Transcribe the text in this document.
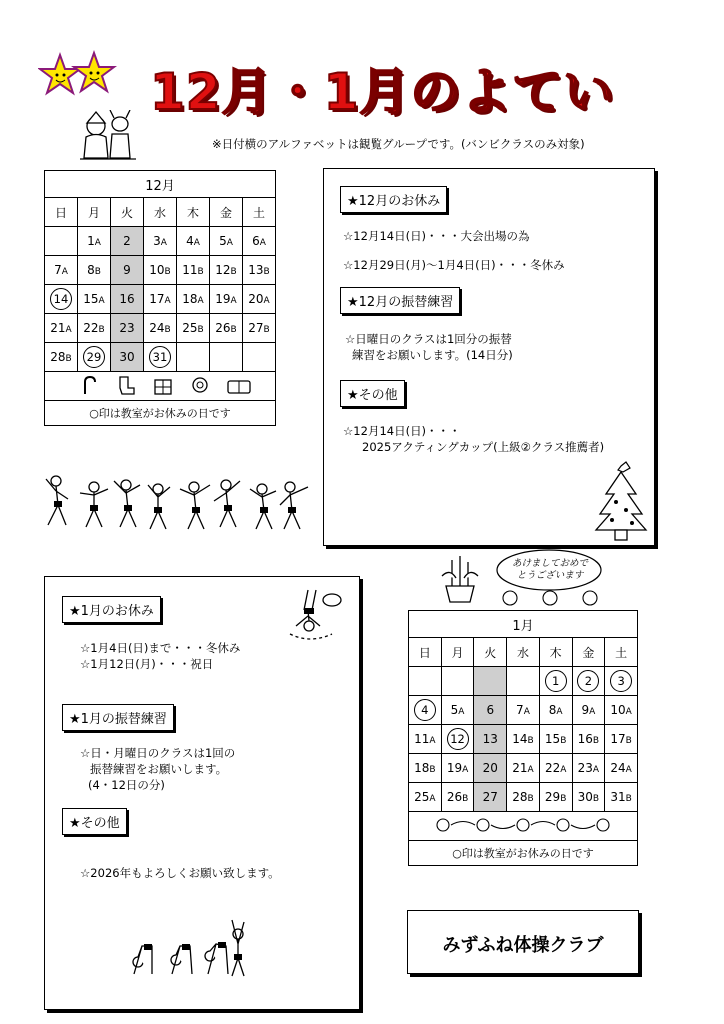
12月・1月のよてい
※日付横のアルファベットは観覧グループです。(バンビクラスのみ対象)
12月						
日	月	火	水	木	金	土
	1A	2	3A	4A	5A	6A
7A	8B	9	10B	11B	12B	13B
14	15A	16	17A	18A	19A	20A
21A	22B	23	24B	25B	26B	27B
28B	29	30	31			

○印は教室がお休みの日です						
★12月のお休み
☆12月14日(日)・・・大会出場の為
☆12月29日(月)～1月4日(日)・・・冬休み
★12月の振替練習
☆日曜日のクラスは1回分の振替
練習をお願いします。(14日分)
★その他
☆12月14日(日)・・・
2025アクティングカップ(上級②クラス推薦者)
★1月のお休み
☆1月4日(日)まで・・・冬休み
☆1月12日(月)・・・祝日
★1月の振替練習
☆日・月曜日のクラスは1回の
振替練習をお願いします。
(4・12日の分)
★その他
☆2026年もよろしくお願い致します。
あけましておめでとうございます
1月						
日	月	火	水	木	金	土
				1	2	3
4	5A	6	7A	8A	9A	10A
11A	12	13	14B	15B	16B	17B
18B	19A	20	21A	22A	23A	24A
25A	26B	27	28B	29B	30B	31B

○印は教室がお休みの日です						
みずふね体操クラブ
